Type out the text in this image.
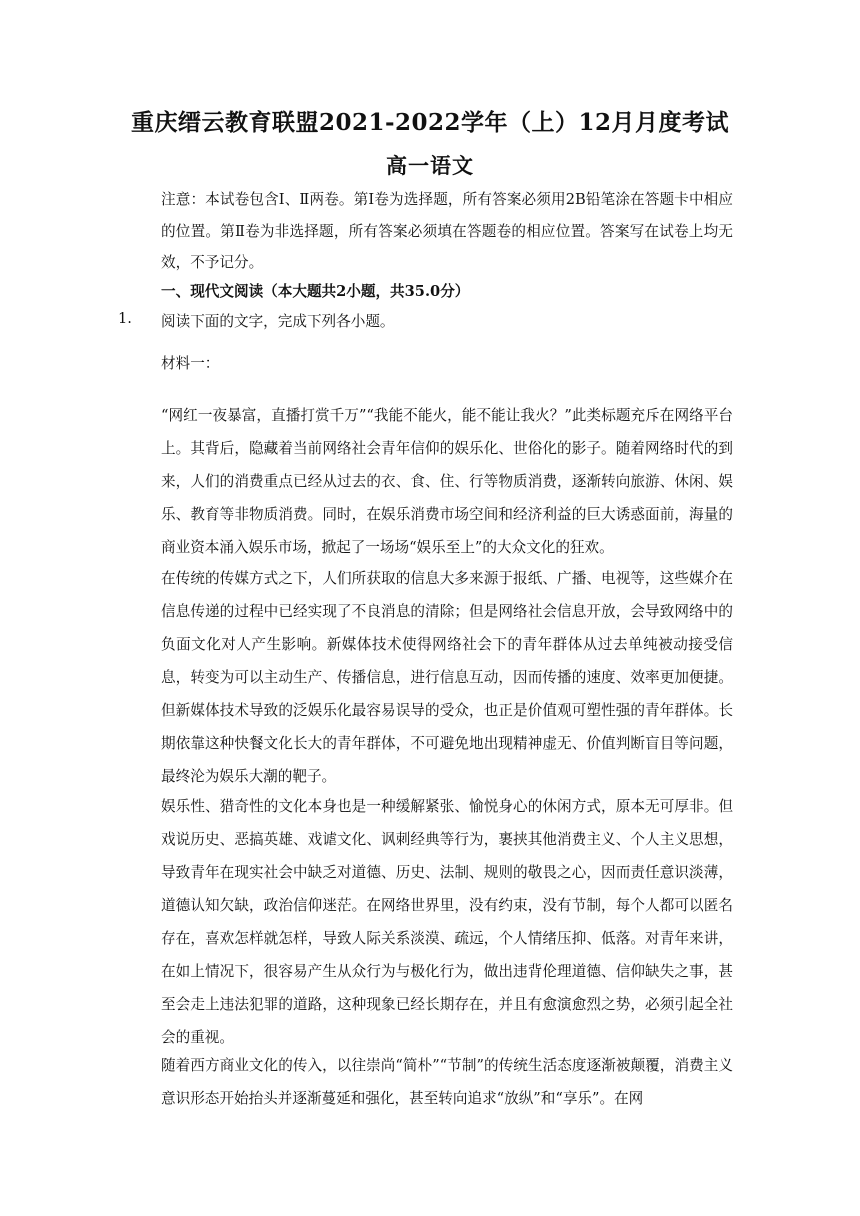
重庆缙云教育联盟2021-2022学年（上）12月月度考试
高一语文
注意：本试卷包含Ⅰ、Ⅱ两卷。第Ⅰ卷为选择题，所有答案必须用2B铅笔涂在答题卡中相应的位置。第Ⅱ卷为非选择题，所有答案必须填在答题卷的相应位置。答案写在试卷上均无效，不予记分。
一、现代文阅读（本大题共2小题，共35.0分）
1. 阅读下面的文字，完成下列各小题。
材料一：
“网红一夜暴富，直播打赏千万”“我能不能火，能不能让我火？”此类标题充斥在网络平台上。其背后，隐藏着当前网络社会青年信仰的娱乐化、世俗化的影子。随着网络时代的到来，人们的消费重点已经从过去的衣、食、住、行等物质消费，逐渐转向旅游、休闲、娱乐、教育等非物质消费。同时，在娱乐消费市场空间和经济利益的巨大诱惑面前，海量的商业资本涌入娱乐市场，掀起了一场场“娱乐至上”的大众文化的狂欢。
在传统的传媒方式之下，人们所获取的信息大多来源于报纸、广播、电视等，这些媒介在信息传递的过程中已经实现了不良消息的清除；但是网络社会信息开放，会导致网络中的负面文化对人产生影响。新媒体技术使得网络社会下的青年群体从过去单纯被动接受信息，转变为可以主动生产、传播信息，进行信息互动，因而传播的速度、效率更加便捷。但新媒体技术导致的泛娱乐化最容易误导的受众，也正是价值观可塑性强的青年群体。长期依靠这种快餐文化长大的青年群体，不可避免地出现精神虚无、价值判断盲目等问题，最终沦为娱乐大潮的靶子。
娱乐性、猎奇性的文化本身也是一种缓解紧张、愉悦身心的休闲方式，原本无可厚非。但戏说历史、恶搞英雄、戏谑文化、讽刺经典等行为，裹挟其他消费主义、个人主义思想，导致青年在现实社会中缺乏对道德、历史、法制、规则的敬畏之心，因而责任意识淡薄，道德认知欠缺，政治信仰迷茫。在网络世界里，没有约束，没有节制，每个人都可以匿名存在，喜欢怎样就怎样，导致人际关系淡漠、疏远，个人情绪压抑、低落。对青年来讲，在如上情况下，很容易产生从众行为与极化行为，做出违背伦理道德、信仰缺失之事，甚至会走上违法犯罪的道路，这种现象已经长期存在，并且有愈演愈烈之势，必须引起全社会的重视。
随着西方商业文化的传入，以往崇尚“简朴”“节制”的传统生活态度逐渐被颠覆，消费主义意识形态开始抬头并逐渐蔓延和强化，甚至转向追求“放纵”和“享乐”。在网
